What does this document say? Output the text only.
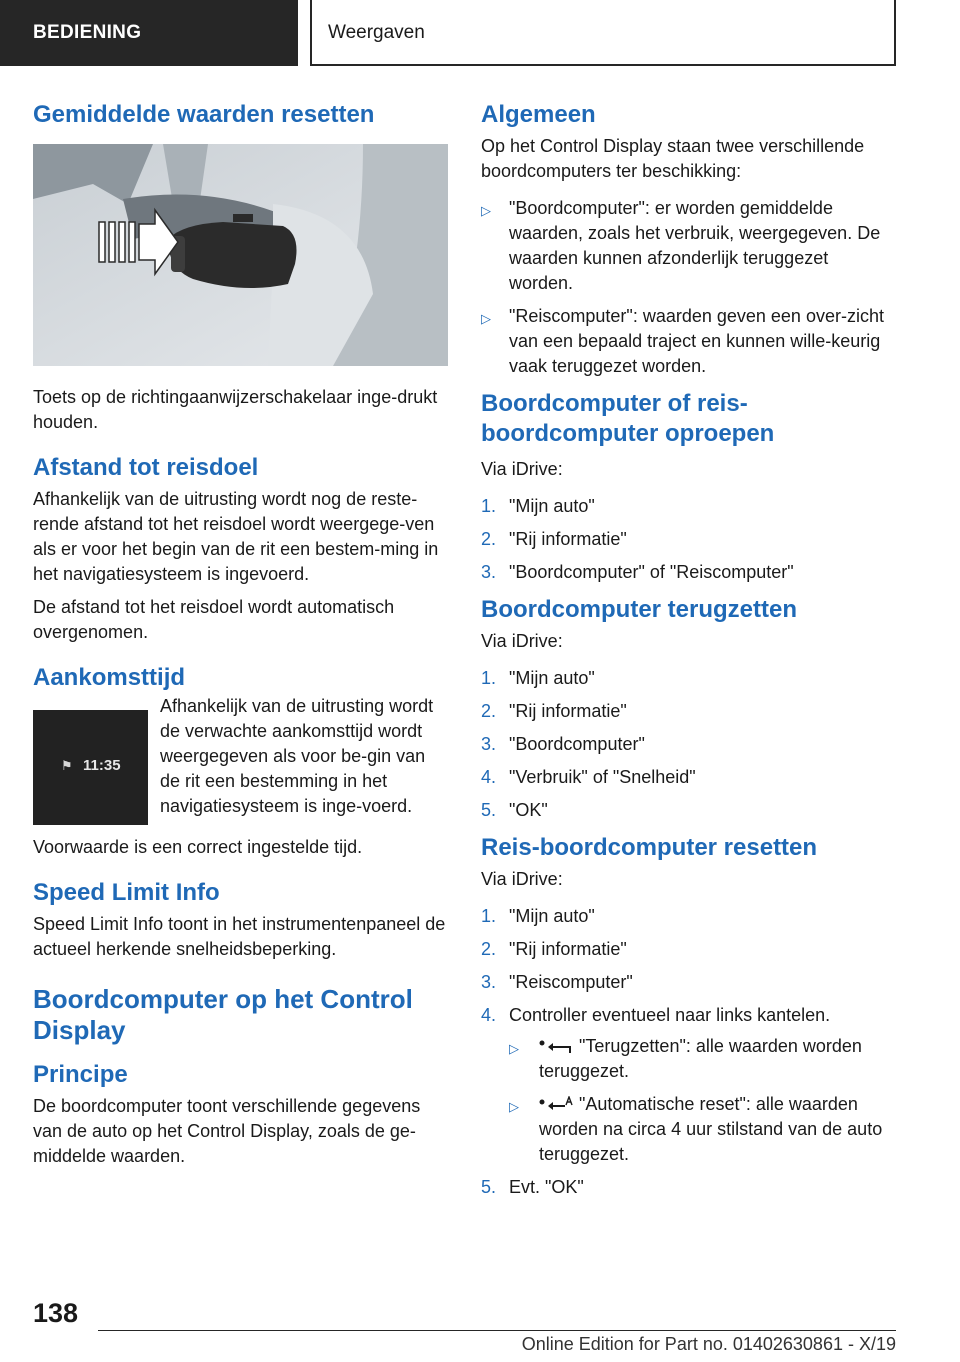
BEDIENING	Weergaven
Gemiddelde waarden resetten

Toets op de richtingaanwijzerschakelaar inge-drukt houden.

Afstand tot reisdoel

Afhankelijk van de uitrusting wordt nog de reste-rende afstand tot het reisdoel wordt weergege-ven als er voor het begin van de rit een bestem-ming in het navigatiesysteem is ingevoerd.

De afstand tot het reisdoel wordt automatisch overgenomen.

Aankomsttijd
⚑ 11:35

Afhankelijk van de uitrusting wordt de verwachte aankomsttijd wordt weergegeven als voor be-gin van de rit een bestemming in het navigatiesysteem is inge-voerd.

Voorwaarde is een correct ingestelde tijd.

Speed Limit Info

Speed Limit Info toont in het instrumentenpaneel de actueel herkende snelheidsbeperking.

Boordcomputer op het Control Display
Principe

De boordcomputer toont verschillende gegevens van de auto op het Control Display, zoals de ge-middelde waarden.

Algemeen

Op het Control Display staan twee verschillende boordcomputers ter beschikking:

▷ "Boordcomputer": er worden gemiddelde waarden, zoals het verbruik, weergegeven. De waarden kunnen afzonderlijk teruggezet worden.
▷ "Reiscomputer": waarden geven een over-zicht van een bepaald traject en kunnen wille-keurig vaak teruggezet worden.
Boordcomputer of reis-boordcomputer oproepen

Via iDrive:

1. "Mijn auto"
2. "Rij informatie"
3. "Boordcomputer" of "Reiscomputer"
Boordcomputer terugzetten

Via iDrive:

1. "Mijn auto"
2. "Rij informatie"
3. "Boordcomputer"
4. "Verbruik" of "Snelheid"
5. "OK"
Reis-boordcomputer resetten

Via iDrive:

1. "Mijn auto"
2. "Rij informatie"
3. "Reiscomputer"
4. Controller eventueel naar links kantelen.
▷	"Terugzetten": alle waarden worden teruggezet.
▷	"Automatische reset": alle waarden worden na circa 4 uur stilstand van de auto teruggezet.
5. Evt. "OK"
138
Online Edition for Part no. 01402630861 - X/19
